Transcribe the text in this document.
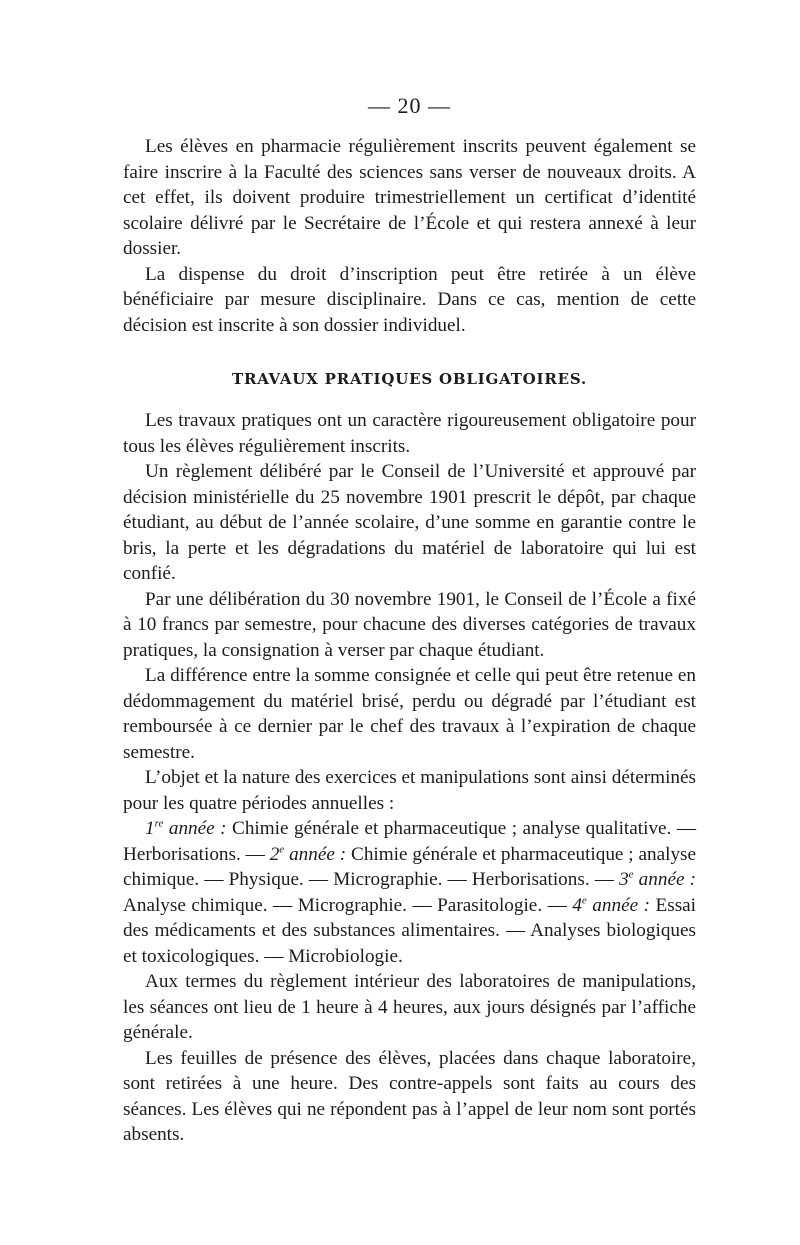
— 20 —

Les élèves en pharmacie régulièrement inscrits peuvent également se faire inscrire à la Faculté des sciences sans verser de nouveaux droits. A cet effet, ils doivent produire trimestriellement un certificat d’identité scolaire délivré par le Secrétaire de l’École et qui restera annexé à leur dossier.

La dispense du droit d’inscription peut être retirée à un élève bénéficiaire par mesure disciplinaire. Dans ce cas, mention de cette décision est inscrite à son dossier individuel.

TRAVAUX PRATIQUES OBLIGATOIRES.

Les travaux pratiques ont un caractère rigoureusement obligatoire pour tous les élèves régulièrement inscrits.

Un règlement délibéré par le Conseil de l’Université et approuvé par décision ministérielle du 25 novembre 1901 prescrit le dépôt, par chaque étudiant, au début de l’année scolaire, d’une somme en garantie contre le bris, la perte et les dégradations du matériel de laboratoire qui lui est confié.

Par une délibération du 30 novembre 1901, le Conseil de l’École a fixé à 10 francs par semestre, pour chacune des diverses catégories de travaux pratiques, la consignation à verser par chaque étudiant.

La différence entre la somme consignée et celle qui peut être retenue en dédommagement du matériel brisé, perdu ou dégradé par l’étudiant est remboursée à ce dernier par le chef des travaux à l’expiration de chaque semestre.

L’objet et la nature des exercices et manipulations sont ainsi déterminés pour les quatre périodes annuelles :

1re année : Chimie générale et pharmaceutique ; analyse qualitative. — Herborisations. — 2e année : Chimie générale et pharmaceutique ; analyse chimique. — Physique. — Micrographie. — Herborisations. — 3e année : Analyse chimique. — Micrographie. — Parasitologie. — 4e année : Essai des médicaments et des substances alimentaires. — Analyses biologiques et toxicologiques. — Microbiologie.

Aux termes du règlement intérieur des laboratoires de manipulations, les séances ont lieu de 1 heure à 4 heures, aux jours désignés par l’affiche générale.

Les feuilles de présence des élèves, placées dans chaque laboratoire, sont retirées à une heure. Des contre-appels sont faits au cours des séances. Les élèves qui ne répondent pas à l’appel de leur nom sont portés absents.
